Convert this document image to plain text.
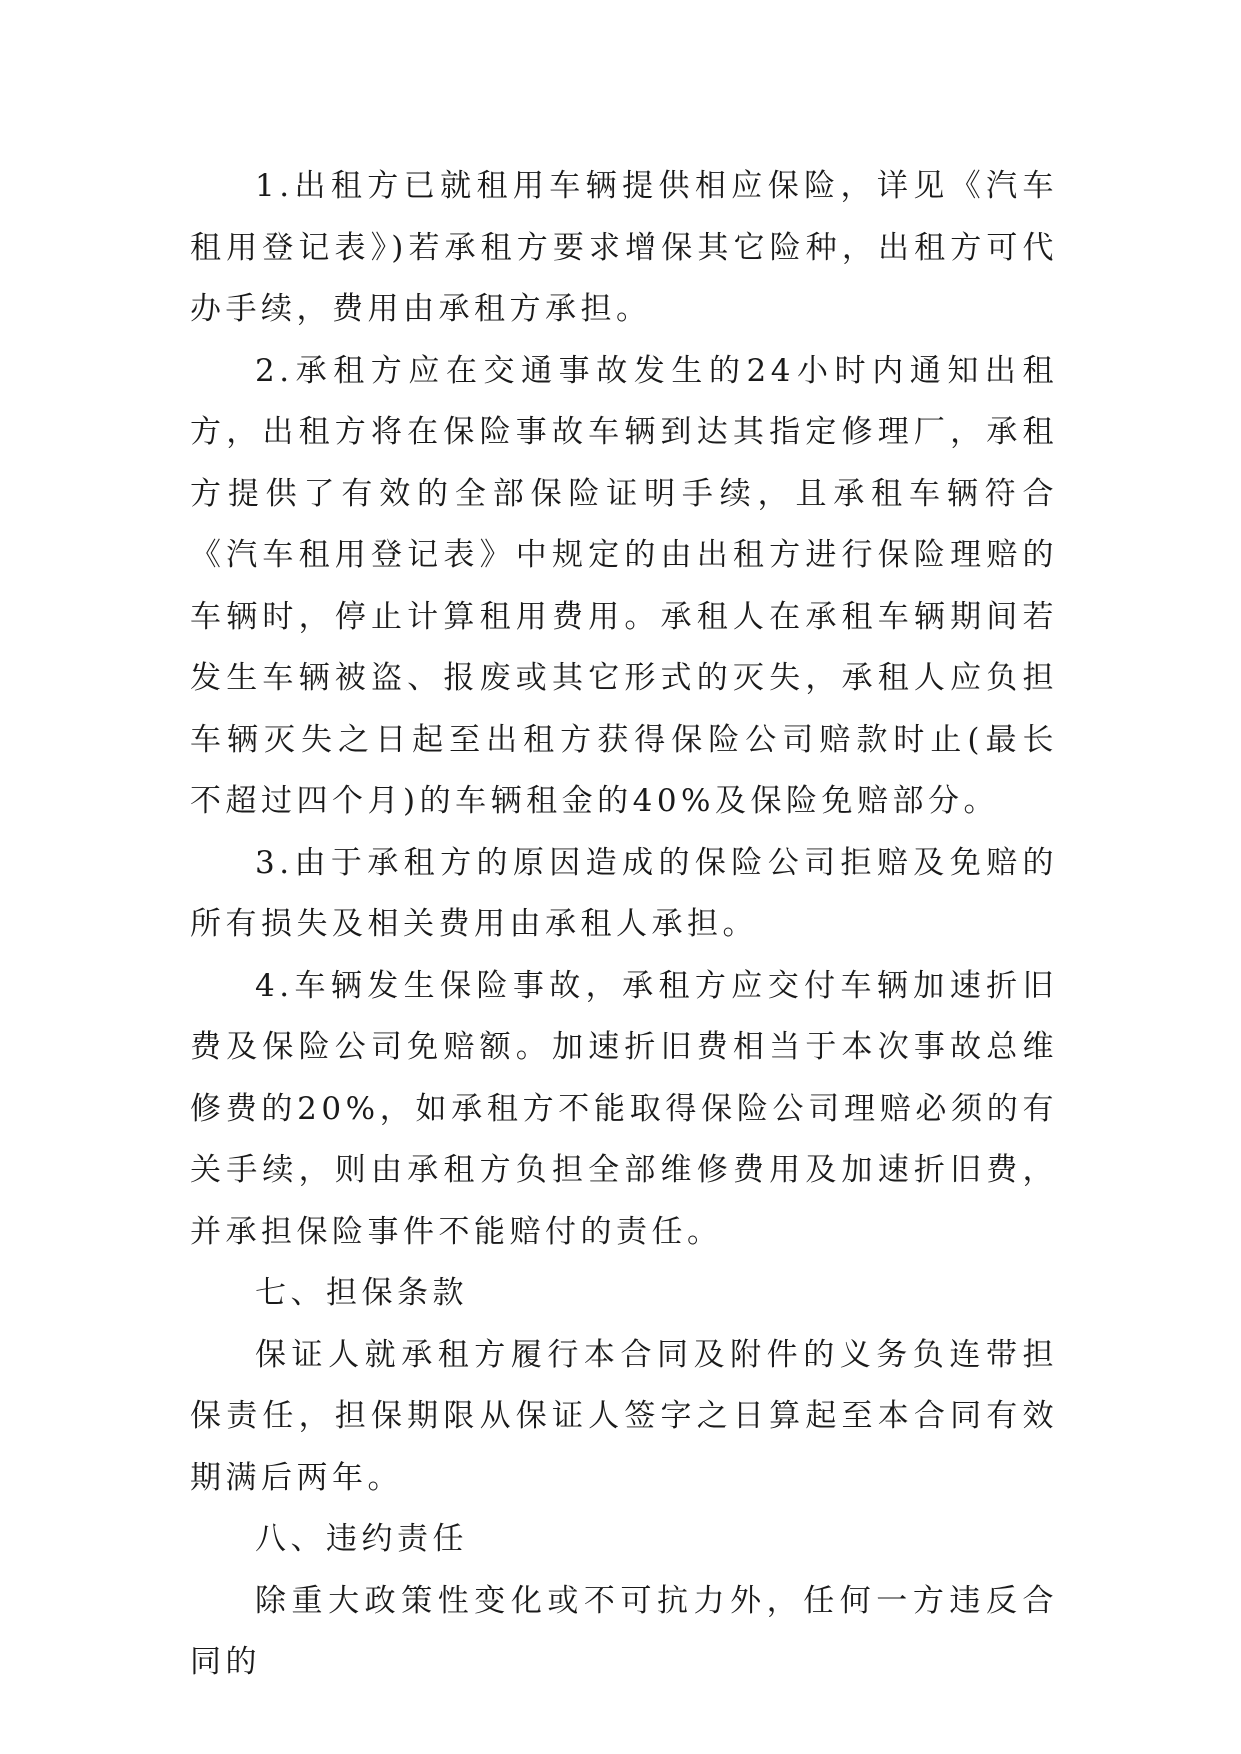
1.出租方已就租用车辆提供相应保险，详见《汽车租用登记表》)若承租方要求增保其它险种，出租方可代办手续，费用由承租方承担。

2.承租方应在交通事故发生的24小时内通知出租方，出租方将在保险事故车辆到达其指定修理厂，承租方提供了有效的全部保险证明手续，且承租车辆符合《汽车租用登记表》中规定的由出租方进行保险理赔的车辆时，停止计算租用费用。承租人在承租车辆期间若发生车辆被盗、报废或其它形式的灭失，承租人应负担车辆灭失之日起至出租方获得保险公司赔款时止(最长不超过四个月)的车辆租金的40%及保险免赔部分。

3.由于承租方的原因造成的保险公司拒赔及免赔的所有损失及相关费用由承租人承担。

4.车辆发生保险事故，承租方应交付车辆加速折旧费及保险公司免赔额。加速折旧费相当于本次事故总维修费的20%，如承租方不能取得保险公司理赔必须的有关手续，则由承租方负担全部维修费用及加速折旧费，并承担保险事件不能赔付的责任。

七、担保条款

保证人就承租方履行本合同及附件的义务负连带担保责任，担保期限从保证人签字之日算起至本合同有效期满后两年。

八、违约责任

除重大政策性变化或不可抗力外，任何一方违反合同的
